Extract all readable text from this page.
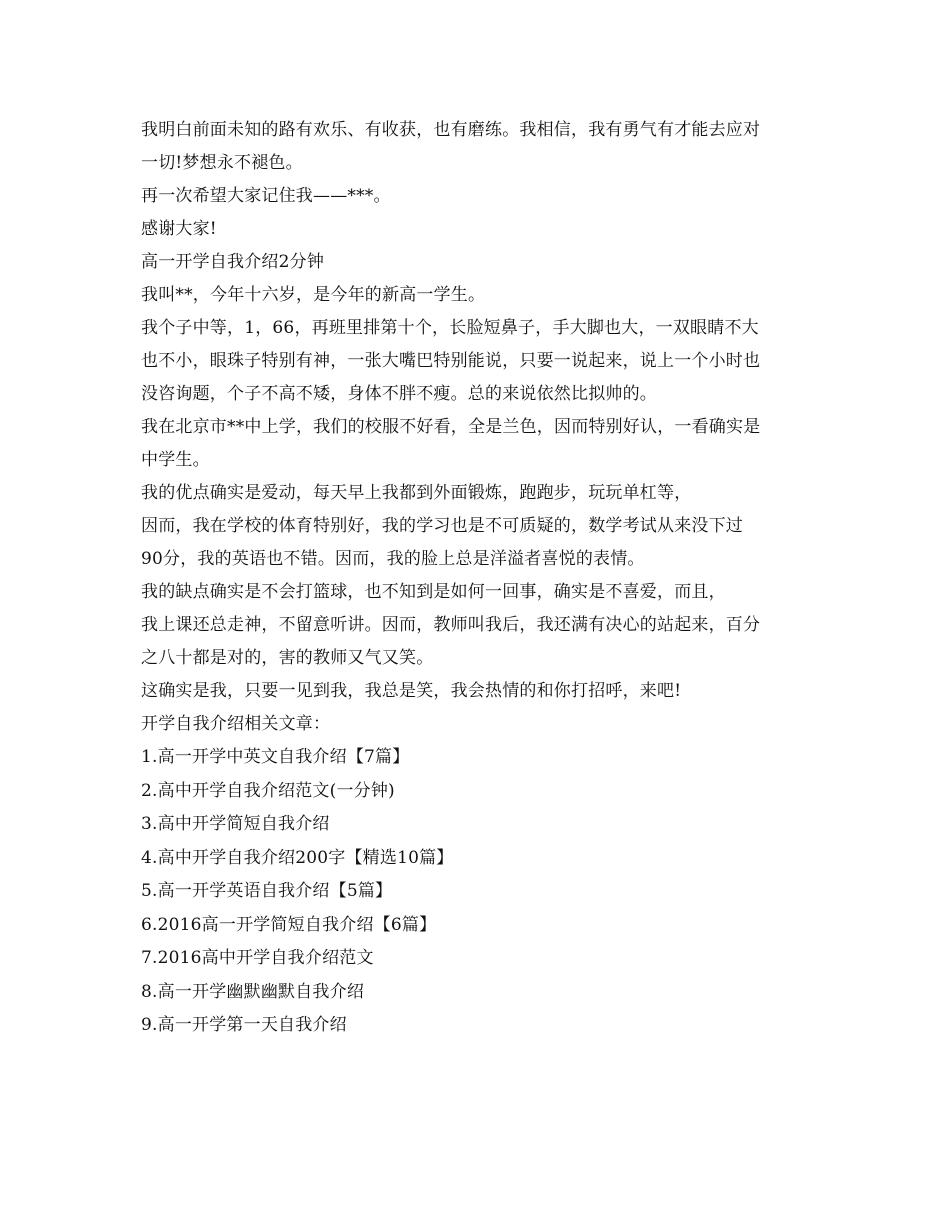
我明白前面未知的路有欢乐、有收获，也有磨练。我相信，我有勇气有才能去应对
一切!梦想永不褪色。
再一次希望大家记住我——***。
感谢大家!
高一开学自我介绍2分钟
我叫**，今年十六岁，是今年的新高一学生。
我个子中等，1，66，再班里排第十个，长脸短鼻子，手大脚也大，一双眼睛不大
也不小，眼珠子特别有神，一张大嘴巴特别能说，只要一说起来，说上一个小时也
没咨询题，个子不高不矮，身体不胖不瘦。总的来说依然比拟帅的。
我在北京市**中上学，我们的校服不好看，全是兰色，因而特别好认，一看确实是
中学生。
我的优点确实是爱动，每天早上我都到外面锻炼，跑跑步，玩玩单杠等，
因而，我在学校的体育特别好，我的学习也是不可质疑的，数学考试从来没下过
90分，我的英语也不错。因而，我的脸上总是洋溢者喜悦的表情。
我的缺点确实是不会打篮球，也不知到是如何一回事，确实是不喜爱，而且，
我上课还总走神，不留意听讲。因而，教师叫我后，我还满有决心的站起来，百分
之八十都是对的，害的教师又气又笑。
这确实是我，只要一见到我，我总是笑，我会热情的和你打招呼，来吧!
开学自我介绍相关文章：
1.高一开学中英文自我介绍【7篇】
2.高中开学自我介绍范文(一分钟)
3.高中开学简短自我介绍
4.高中开学自我介绍200字【精选10篇】
5.高一开学英语自我介绍【5篇】
6.2016高一开学简短自我介绍【6篇】
7.2016高中开学自我介绍范文
8.高一开学幽默幽默自我介绍
9.高一开学第一天自我介绍
